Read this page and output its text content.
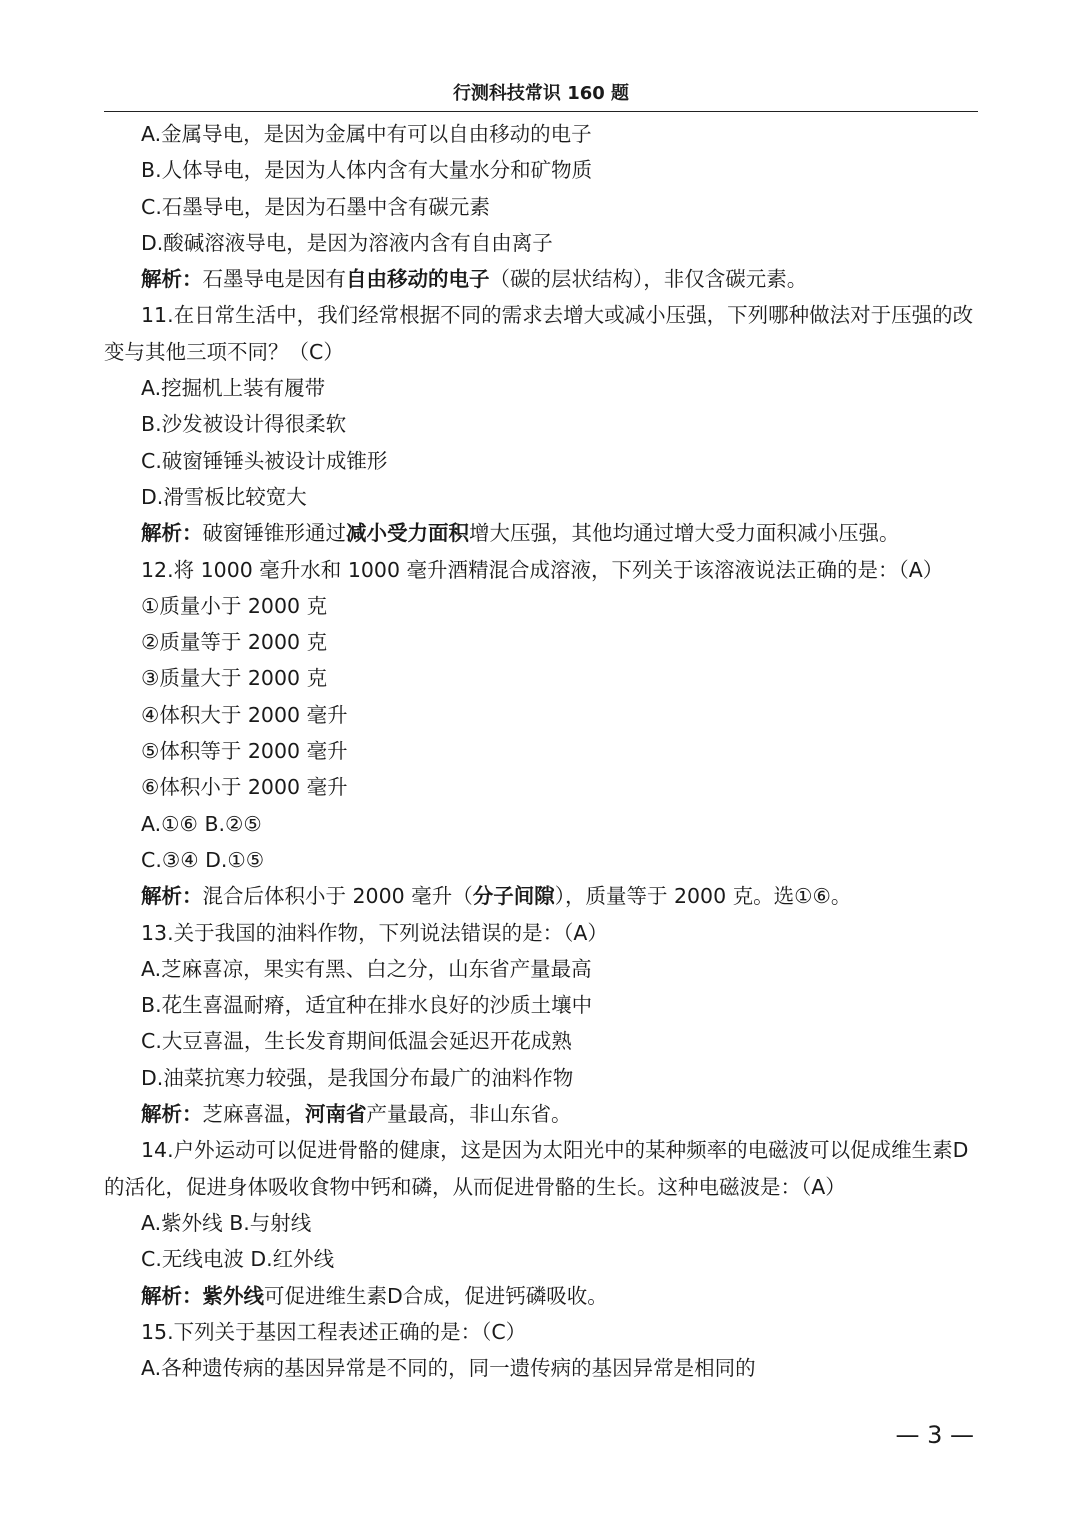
行测科技常识 160 题
A.金属导电，是因为金属中有可以自由移动的电子
B.人体导电，是因为人体内含有大量水分和矿物质
C.石墨导电，是因为石墨中含有碳元素
D.酸碱溶液导电，是因为溶液内含有自由离子
解析：石墨导电是因有自由移动的电子（碳的层状结构），非仅含碳元素。
11.在日常生活中，我们经常根据不同的需求去增大或减小压强，下列哪种做法对于压强的改
变与其他三项不同？（C）
A.挖掘机上装有履带
B.沙发被设计得很柔软
C.破窗锤锤头被设计成锥形
D.滑雪板比较宽大
解析：破窗锤锥形通过减小受力面积增大压强，其他均通过增大受力面积减小压强。
12.将 1000 毫升水和 1000 毫升酒精混合成溶液，下列关于该溶液说法正确的是：（A）
①质量小于 2000 克
②质量等于 2000 克
③质量大于 2000 克
④体积大于 2000 毫升
⑤体积等于 2000 毫升
⑥体积小于 2000 毫升
A.①⑥ B.②⑤
C.③④ D.①⑤
解析：混合后体积小于 2000 毫升（分子间隙），质量等于 2000 克。选①⑥。
13.关于我国的油料作物，下列说法错误的是：（A）
A.芝麻喜凉，果实有黑、白之分，山东省产量最高
B.花生喜温耐瘠，适宜种在排水良好的沙质土壤中
C.大豆喜温，生长发育期间低温会延迟开花成熟
D.油菜抗寒力较强，是我国分布最广的油料作物
解析：芝麻喜温，河南省产量最高，非山东省。
14.户外运动可以促进骨骼的健康，这是因为太阳光中的某种频率的电磁波可以促成维生素D
的活化，促进身体吸收食物中钙和磷，从而促进骨骼的生长。这种电磁波是：（A）
A.紫外线 B.与射线
C.无线电波 D.红外线
解析：紫外线可促进维生素D合成，促进钙磷吸收。
15.下列关于基因工程表述正确的是：（C）
A.各种遗传病的基因异常是不同的，同一遗传病的基因异常是相同的
— 3 —
